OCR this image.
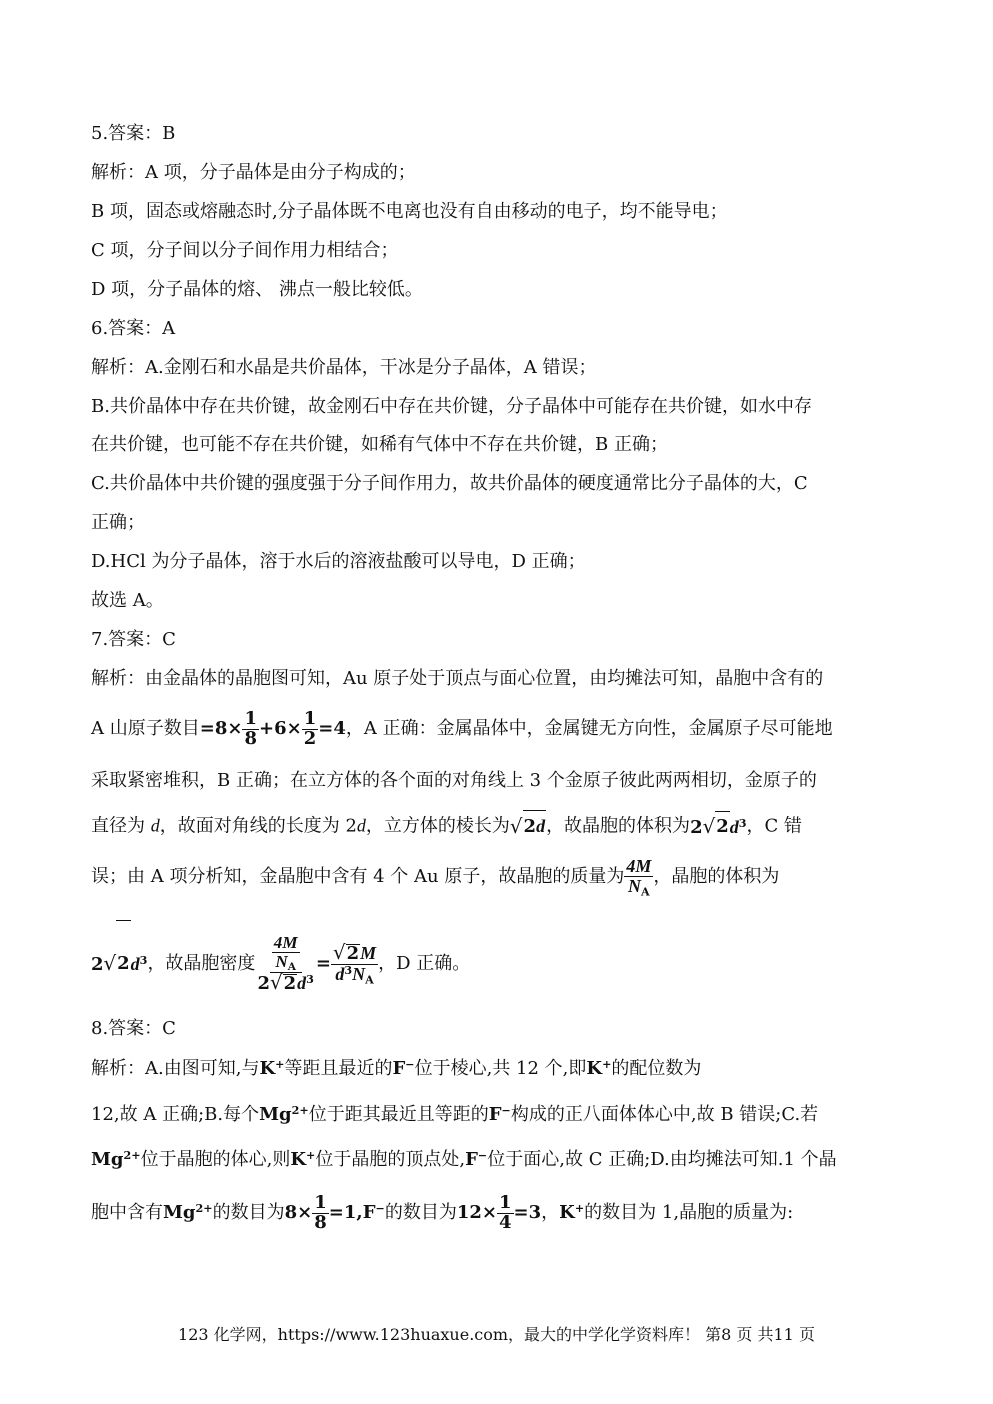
5.答案：B
解析：A 项，分子晶体是由分子构成的；
B 项，固态或熔融态时,分子晶体既不电离也没有自由移动的电子，均不能导电；
C 项，分子间以分子间作用力相结合；
D 项，分子晶体的熔、 沸点一般比较低。
6.答案：A
解析：A.金刚石和水晶是共价晶体，干冰是分子晶体，A 错误；
B.共价晶体中存在共价键，故金刚石中存在共价键，分子晶体中可能存在共价键，如水中存
在共价键，也可能不存在共价键，如稀有气体中不存在共价键，B 正确；
C.共价晶体中共价键的强度强于分子间作用力，故共价晶体的硬度通常比分子晶体的大，C
正确；
D.HCl 为分子晶体，溶于水后的溶液盐酸可以导电，D 正确；
故选 A。
7.答案：C
解析：由金晶体的晶胞图可知，Au 原子处于顶点与面心位置，由均摊法可知，晶胞中含有的
A 山原子数目$=8\times \frac{1}{8} +6\times \frac{1}{2} =4$，A 正确：金属晶体中，金属键无方向性，金属原子尽可能地
采取紧密堆积，B 正确；在立方体的各个面的对角线上 3 个金原子彼此两两相切，金原子的
直径为 d，故面对角线的长度为 2d，立方体的棱长为 √ 2d ，故晶胞的体积为2 √ 2 $d^3$，C 错
误；由 A 项分析知，金晶胞中含有 4 个 Au 原子，故晶胞的质量为 $\frac{4M}{N_A}$ ，晶胞的体积为
2 √ 2 $d^3$，故晶胞密度 $\frac{\frac{4M}{N_A}}{2 √ 2 d^3} = \frac{√ 2 M}{d^3N_A}$ ，D 正确。
8.答案：C
解析：A.由图可知,与K+等距且最近的F−位于棱心,共 12 个,即K+的配位数为
12,故 A 正确;B.每个$Mg^{2+}$位于距其最近且等距的F−构成的正八面体体心中,故 B 错误;C.若
$Mg^{2+}$位于晶胞的体心,则K+位于晶胞的顶点处,F−位于面心,故 C 正确;D.由均摊法可知.1 个晶
胞中含有$Mg^{2+}$的数目为$8\times \frac{1}{8} =1,F^-$的数目为$12\times \frac{1}{4} =3$，K+的数目为 1,晶胞的质量为:
123 化学网，https://www.123huaxue.com，最大的中学化学资料库！ 第8 页 共11 页
